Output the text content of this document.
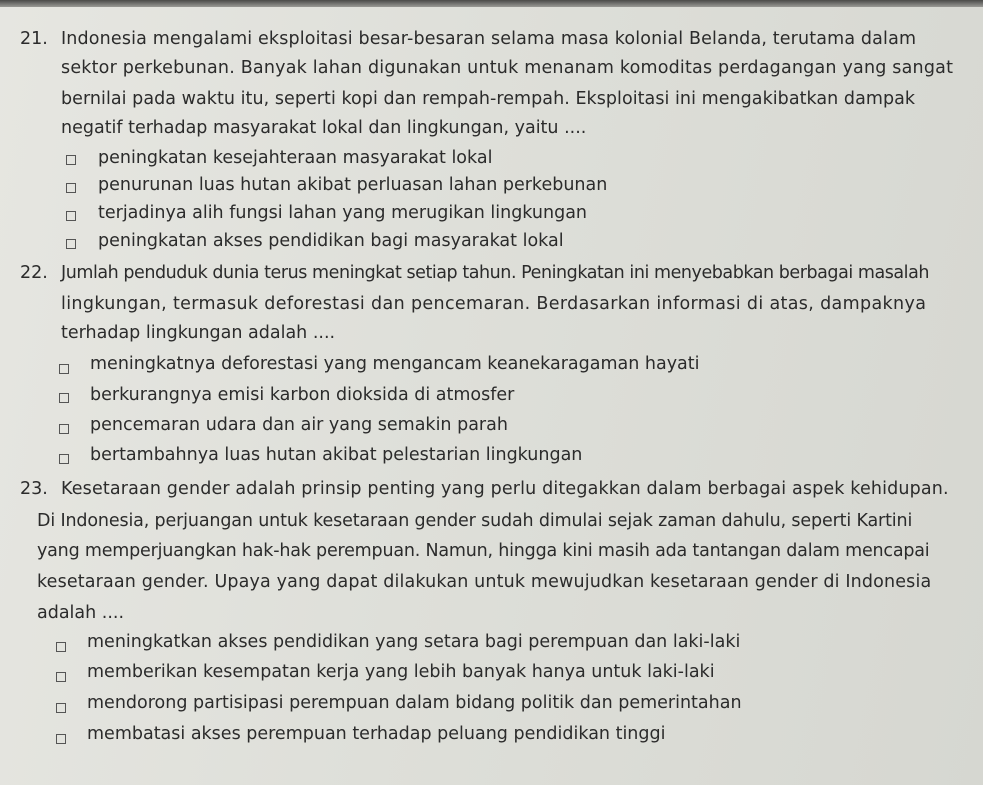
21. Indonesia mengalami eksploitasi besar-besaran selama masa kolonial Belanda, terutama dalam
sektor perkebunan. Banyak lahan digunakan untuk menanam komoditas perdagangan yang sangat
bernilai pada waktu itu, seperti kopi dan rempah-rempah. Eksploitasi ini mengakibatkan dampak
negatif terhadap masyarakat lokal dan lingkungan, yaitu ....
peningkatan kesejahteraan masyarakat lokal
penurunan luas hutan akibat perluasan lahan perkebunan
terjadinya alih fungsi lahan yang merugikan lingkungan
peningkatan akses pendidikan bagi masyarakat lokal
22. Jumlah penduduk dunia terus meningkat setiap tahun. Peningkatan ini menyebabkan berbagai masalah
lingkungan, termasuk deforestasi dan pencemaran. Berdasarkan informasi di atas, dampaknya
terhadap lingkungan adalah ....
meningkatnya deforestasi yang mengancam keanekaragaman hayati
berkurangnya emisi karbon dioksida di atmosfer
pencemaran udara dan air yang semakin parah
bertambahnya luas hutan akibat pelestarian lingkungan
23. Kesetaraan gender adalah prinsip penting yang perlu ditegakkan dalam berbagai aspek kehidupan.
Di Indonesia, perjuangan untuk kesetaraan gender sudah dimulai sejak zaman dahulu, seperti Kartini
yang memperjuangkan hak-hak perempuan. Namun, hingga kini masih ada tantangan dalam mencapai
kesetaraan gender. Upaya yang dapat dilakukan untuk mewujudkan kesetaraan gender di Indonesia
adalah ....
meningkatkan akses pendidikan yang setara bagi perempuan dan laki-laki
memberikan kesempatan kerja yang lebih banyak hanya untuk laki-laki
mendorong partisipasi perempuan dalam bidang politik dan pemerintahan
membatasi akses perempuan terhadap peluang pendidikan tinggi
